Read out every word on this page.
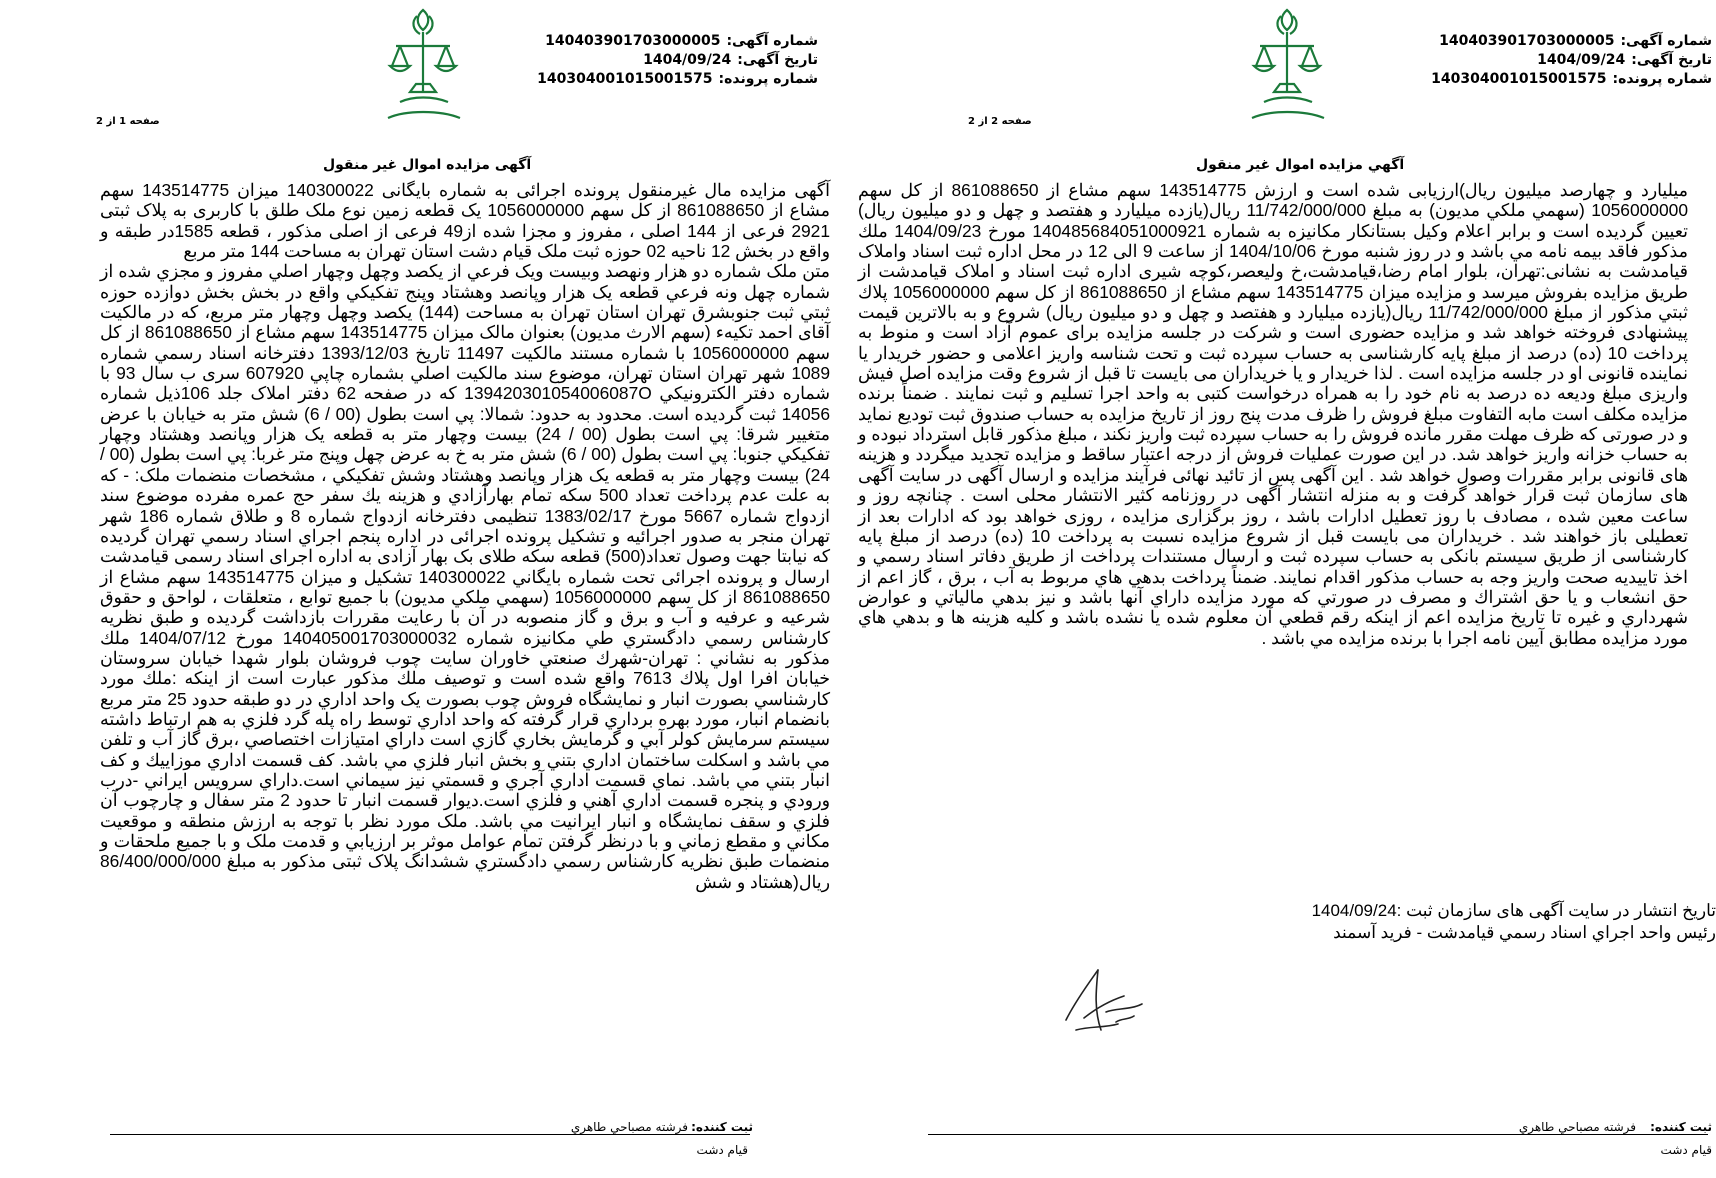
شماره آگهی:140403901703000005
تاریخ آگهی:1404/09/24
شماره پرونده:140304001015001575
صفحه 1 از 2
آگهی مزایده اموال غیر منقول

آگهی مزایده مال غیرمنقول پرونده اجرائی به شماره بایگانی 140300022 میزان 143514775 سهم مشاع از 861088650 از کل سهم 1056000000 یک قطعه زمین نوع ملک طلق با کاربری به پلاک ثبتی 2921 فرعی از 144 اصلی ، مفروز و مجزا شده از49 فرعی از اصلی مذکور ، قطعه 1585در طبقه و واقع در بخش 12 ناحیه 02 حوزه ثبت ملک قیام دشت استان تهران به مساحت 144 متر مربع

متن ملک شماره دو هزار ونهصد وبيست ويک فرعي از يکصد وچهل وچهار اصلي مفروز و مجزي شده از شماره چهل ونه فرعي قطعه يک هزار وپانصد وهشتاد وپنج تفکيکي واقع در بخش بخش دوازده حوزه ثبتي ثبت جنوبشرق تهران استان تهران به مساحت (144) يکصد وچهل وچهار متر مربع، که در مالکيت آقای احمد تکیه‌ء (سهم الارث مدیون) بعنوان مالک میزان 143514775 سهم مشاع از 861088650 از کل سهم 1056000000 با شماره مستند مالکيت 11497 تاريخ 1393/12/03 دفترخانه اسناد رسمي شماره 1089 شهر تهران استان تهران، موضوع سند مالکيت اصلي بشماره چاپي 607920 سری ب سال 93 با شماره دفتر الکترونيکي 139420301054006087O که در صفحه 62 دفتر املاک جلد 106ذیل شماره 14056 ثبت گرديده است. محدود به حدود: شمالا: پي است بطول (00 / 6) شش متر به خيابان با عرض متغيير شرقا: پي است بطول (00 / 24) بيست وچهار متر به قطعه يک هزار وپانصد وهشتاد وچهار تفکيکي جنوبا: پي است بطول (00 / 6) شش متر به خ به عرض چهل وپنج متر غربا: پي است بطول (00 / 24) بيست وچهار متر به قطعه يک هزار وپانصد وهشتاد وشش تفکيکي ، مشخصات منضمات ملک: - که به علت عدم پرداخت تعداد 500 سکه تمام بهارآزادي و هزینه یك سفر حج عمره مفرده موضوع سند ازدواج شماره 5667 مورخ 1383/02/17 تنظیمی دفترخانه ازدواج شماره 8 و طلاق شماره 186 شهر تهران منجر به صدور اجرائیه و تشکیل پرونده اجرائی در اداره پنجم اجراي اسناد رسمي تهران گرديده که نيابتا جهت وصول تعداد(500) قطعه سکه طلای بک بهار آزادی به اداره اجرای اسناد رسمی قیامدشت ارسال و پرونده اجرائی تحت شماره بايگاني 140300022 تشکيل و ميزان 143514775 سهم مشاع از 861088650 از کل سهم 1056000000 (سهمي ملكي مدیون) با جميع توابع ، متعلقات ، لواحق و حقوق شرعيه و عرفيه و آب و برق و گاز منصوبه در آن با رعايت مقررات بازداشت گرديده و طبق نظريه كارشناس رسمي دادگستري طي مكانيزه شماره 140405001703000032 مورخ 1404/07/12 ملك مذكور به نشاني : تهران-شهرك صنعتي خاوران سايت چوب فروشان بلوار شهدا خيابان سروستان خيابان افرا اول پلاك 7613 واقع شده است و توصيف ملك مذكور عبارت است از اينكه :ملك مورد كارشناسي بصورت انبار و نمايشگاه فروش چوب بصورت يک واحد اداري در دو طبقه حدود 25 متر مربع بانضمام انبار، مورد بهره برداري قرار گرفته كه واحد اداري توسط راه پله گرد فلزي به هم ارتباط داشته سيستم سرمايش كولر آبي و گرمايش بخاري گازي است داراي امتيازات اختصاصي ،برق گاز آب و تلفن مي باشد و اسكلت ساختمان اداري بتني و بخش انبار فلزي مي باشد. كف قسمت اداري موزاييك و كف انبار بتني مي باشد. نماي قسمت اداري آجري و قسمتي نيز سيماني است.داراي سرويس ايراني -درب ورودي و پنجره قسمت اداري آهني و فلزي است.ديوار قسمت انبار تا حدود 2 متر سفال و چارچوب آن فلزي و سقف نمايشگاه و انبار ايرانيت مي باشد. ملک مورد نظر با توجه به ارزش منطقه و موقعيت مکاني و مقطع زماني و با درنظر گرفتن تمام عوامل موثر بر ارزيابي و قدمت ملک و با جميع ملحقات و منضمات طبق نظريه کارشناس رسمي دادگستري ششدانگ پلاک ثبتی مذکور به مبلغ 86/400/000/000 ريال(هشتاد و شش

ثبت کننده:
فرشته مصباحي طاهري
قيام دشت
شماره آگهی:140403901703000005
تاریخ آگهی:1404/09/24
شماره پرونده:140304001015001575
صفحه 2 از 2
آگهي مزايده اموال غير منقول

میلیارد و چهارصد میلیون ریال)ارزيابی شده است و ارزش 143514775 سهم مشاع از 861088650 از کل سهم 1056000000 (سهمي ملكي مدیون) به مبلغ 11/742/000/000 ريال(يازده ميليارد و هفتصد و چهل و دو ميليون ريال) تعيين گرديده است و برابر اعلام وكيل بستانكار مكانيزه به شماره 140485684051000921 مورخ 1404/09/23 ملك مذكور فاقد بيمه نامه مي باشد و در روز شنبه مورخ 1404/10/06 از ساعت 9 الی 12 در محل اداره ثبت اسناد واملاک قیامدشت به نشانی:تهران، بلوار امام رضا،قیامدشت،خ ولیعصر،کوچه شیری اداره ثبت اسناد و املاک قیامدشت از طريق مزايده بفروش ميرسد و مزايده ميزان 143514775 سهم مشاع از 861088650 از کل سهم 1056000000 پلاك ثبتي مذكور از مبلغ 11/742/000/000 ريال(يازده ميليارد و هفتصد و چهل و دو ميليون ريال) شروع و به بالاترین قیمت پیشنهادی فروخته خواهد شد و مزایده حضوری است و شرکت در جلسه مزایده برای عموم آزاد است و منوط به پرداخت 10 (ده) درصد از مبلغ پایه کارشناسی به حساب سپرده ثبت و تحت شناسه واریز اعلامی و حضور خریدار یا نماینده قانونی او در جلسه مزایده است . لذا خریدار و یا خریداران می بایست تا قبل از شروع وقت مزایده اصل فیش واریزی مبلغ ودیعه ده درصد به نام خود را به همراه درخواست کتبی به واحد اجرا تسلیم و ثبت نمایند . ضمناً برنده مزایده مکلف است مابه التفاوت مبلغ فروش را ظرف مدت پنج روز از تاریخ مزایده به حساب صندوق ثبت تودیع نماید و در صورتی که ظرف مهلت مقرر مانده فروش را به حساب سپرده ثبت واریز نکند ، مبلغ مذکور قابل استرداد نبوده و به حساب خزانه واریز خواهد شد. در این صورت عملیات فروش از درجه اعتبار ساقط و مزایده تجدید میگردد و هزینه های قانونی برابر مقررات وصول خواهد شد . این آگهی پس از تائید نهائی فرآیند مزایده و ارسال آگهی در سایت آگهی های سازمان ثبت قرار خواهد گرفت و به منزله انتشار آگهی در روزنامه کثیر الانتشار محلی است . چنانچه روز و ساعت معین شده ، مصادف با روز تعطیل ادارات باشد ، روز برگزاری مزایده ، روزی خواهد بود که ادارات بعد از تعطیلی باز خواهند شد . خریداران می بایست قبل از شروع مزایده نسبت به پرداخت 10 (ده) درصد از مبلغ پایه کارشناسی از طریق سیستم بانکی به حساب سپرده ثبت و ارسال مستندات پرداخت از طريق دفاتر اسناد رسمي و اخذ تاييديه صحت واريز وجه به حساب مذكور اقدام نمايند. ضمناً پرداخت بدهي هاي مربوط به آب ، برق ، گاز اعم از حق انشعاب و يا حق اشتراك و مصرف در صورتي كه مورد مزايده داراي آنها باشد و نيز بدهي مالياتي و عوارض شهرداري و غيره تا تاريخ مزايده اعم از اينكه رقم قطعي آن معلوم شده يا نشده باشد و كليه هزينه ها و بدهي هاي مورد مزايده مطابق آيين نامه اجرا با برنده مزايده مي باشد .

تاریخ انتشار در سایت آگهی های سازمان ثبت :1404/09/24
رئيس واحد اجراي اسناد رسمي قيامدشت - فريد آسمند
ثبت کننده:
فرشته مصباحي طاهري
قيام دشت
